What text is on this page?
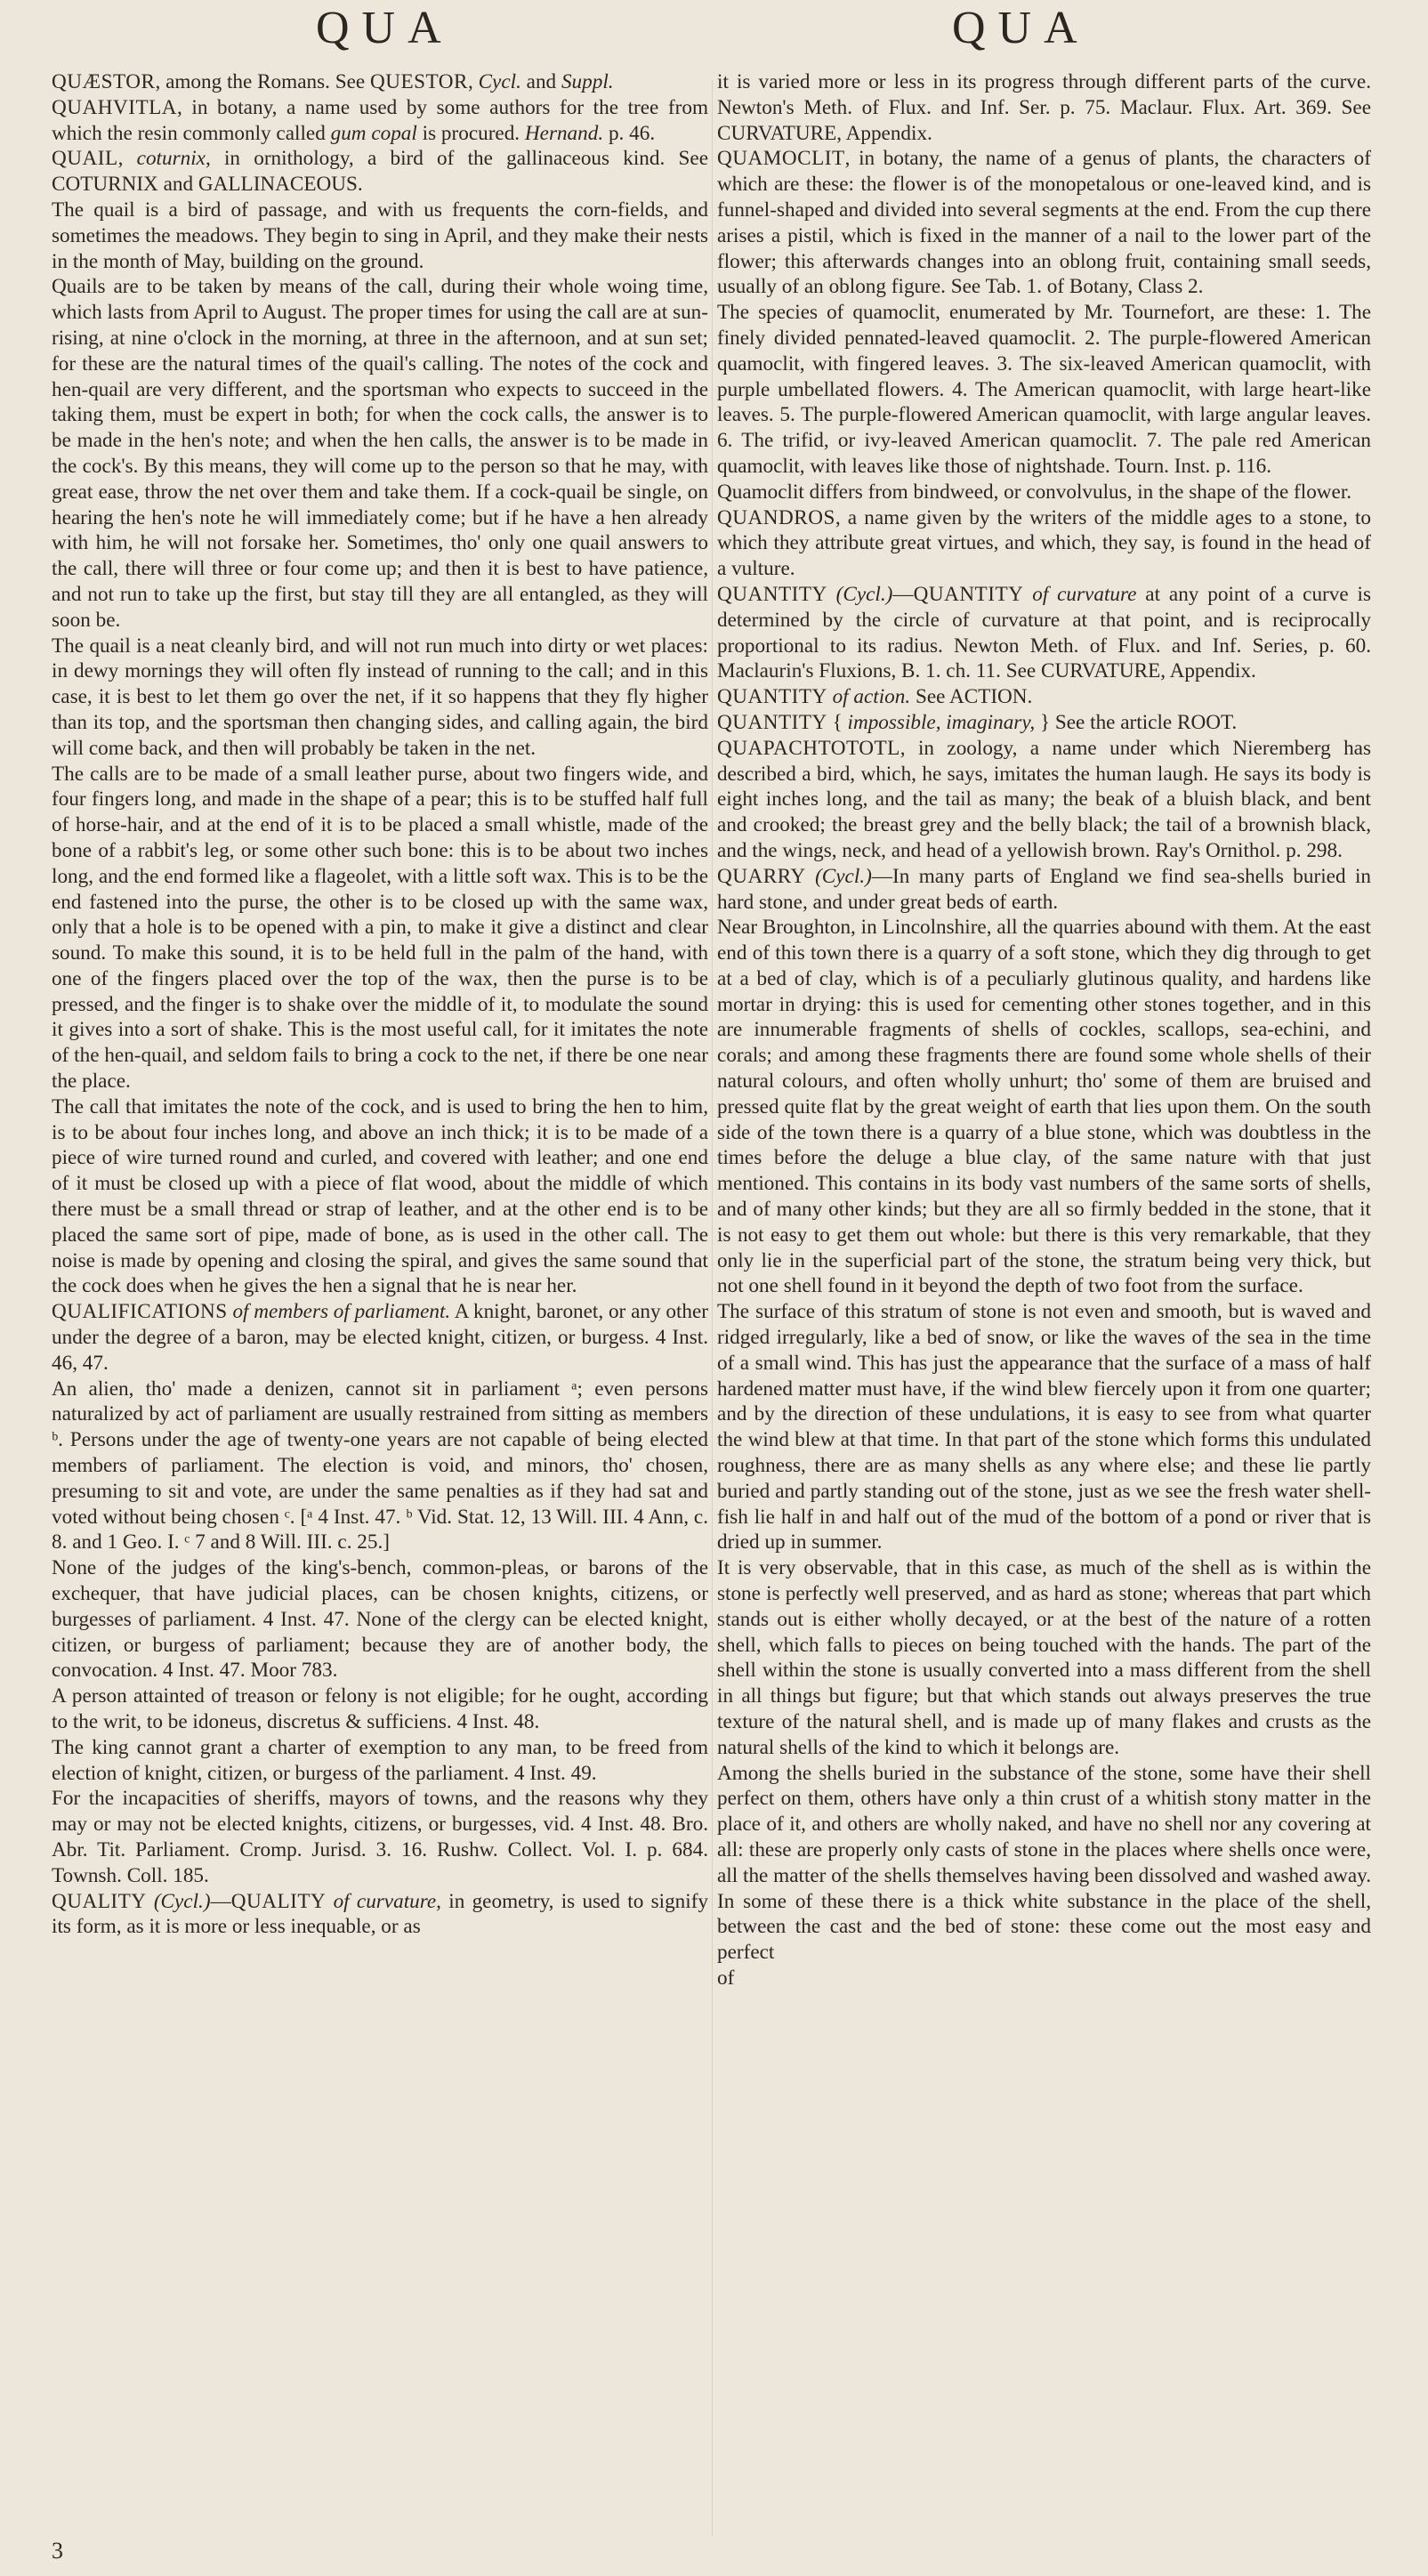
QUA	QUA

QUÆSTOR, among the Romans. See QUESTOR, Cycl. and Suppl.

QUAHVITLA, in botany, a name used by some authors for the tree from which the resin commonly called gum copal is procured. Hernand. p. 46.

QUAIL, coturnix, in ornithology, a bird of the gallinaceous kind. See COTURNIX and GALLINACEOUS.

The quail is a bird of passage, and with us frequents the corn-fields, and sometimes the meadows. They begin to sing in April, and they make their nests in the month of May, building on the ground.

Quails are to be taken by means of the call, during their whole woing time, which lasts from April to August. The proper times for using the call are at sun-rising, at nine o'clock in the morning, at three in the afternoon, and at sun set; for these are the natural times of the quail's calling. The notes of the cock and hen-quail are very different, and the sportsman who expects to succeed in the taking them, must be expert in both; for when the cock calls, the answer is to be made in the hen's note; and when the hen calls, the answer is to be made in the cock's. By this means, they will come up to the person so that he may, with great ease, throw the net over them and take them. If a cock-quail be single, on hearing the hen's note he will immediately come; but if he have a hen already with him, he will not forsake her. Sometimes, tho' only one quail answers to the call, there will three or four come up; and then it is best to have patience, and not run to take up the first, but stay till they are all entangled, as they will soon be.

The quail is a neat cleanly bird, and will not run much into dirty or wet places: in dewy mornings they will often fly instead of running to the call; and in this case, it is best to let them go over the net, if it so happens that they fly higher than its top, and the sportsman then changing sides, and calling again, the bird will come back, and then will probably be taken in the net.

The calls are to be made of a small leather purse, about two fingers wide, and four fingers long, and made in the shape of a pear; this is to be stuffed half full of horse-hair, and at the end of it is to be placed a small whistle, made of the bone of a rabbit's leg, or some other such bone: this is to be about two inches long, and the end formed like a flageolet, with a little soft wax. This is to be the end fastened into the purse, the other is to be closed up with the same wax, only that a hole is to be opened with a pin, to make it give a distinct and clear sound. To make this sound, it is to be held full in the palm of the hand, with one of the fingers placed over the top of the wax, then the purse is to be pressed, and the finger is to shake over the middle of it, to modulate the sound it gives into a sort of shake. This is the most useful call, for it imitates the note of the hen-quail, and seldom fails to bring a cock to the net, if there be one near the place.

The call that imitates the note of the cock, and is used to bring the hen to him, is to be about four inches long, and above an inch thick; it is to be made of a piece of wire turned round and curled, and covered with leather; and one end of it must be closed up with a piece of flat wood, about the middle of which there must be a small thread or strap of leather, and at the other end is to be placed the same sort of pipe, made of bone, as is used in the other call. The noise is made by opening and closing the spiral, and gives the same sound that the cock does when he gives the hen a signal that he is near her.

QUALIFICATIONS of members of parliament. A knight, baronet, or any other under the degree of a baron, may be elected knight, citizen, or burgess. 4 Inst. 46, 47.

An alien, tho' made a denizen, cannot sit in parliament ᵃ; even persons naturalized by act of parliament are usually restrained from sitting as members ᵇ. Persons under the age of twenty-one years are not capable of being elected members of parliament. The election is void, and minors, tho' chosen, presuming to sit and vote, are under the same penalties as if they had sat and voted without being chosen ᶜ. [ᵃ 4 Inst. 47. ᵇ Vid. Stat. 12, 13 Will. III. 4 Ann, c. 8. and 1 Geo. I. ᶜ 7 and 8 Will. III. c. 25.]

None of the judges of the king's-bench, common-pleas, or barons of the exchequer, that have judicial places, can be chosen knights, citizens, or burgesses of parliament. 4 Inst. 47. None of the clergy can be elected knight, citizen, or burgess of parliament; because they are of another body, the convocation. 4 Inst. 47. Moor 783.

A person attainted of treason or felony is not eligible; for he ought, according to the writ, to be idoneus, discretus & sufficiens. 4 Inst. 48.

The king cannot grant a charter of exemption to any man, to be freed from election of knight, citizen, or burgess of the parliament. 4 Inst. 49.

For the incapacities of sheriffs, mayors of towns, and the reasons why they may or may not be elected knights, citizens, or burgesses, vid. 4 Inst. 48. Bro. Abr. Tit. Parliament. Cromp. Jurisd. 3. 16. Rushw. Collect. Vol. I. p. 684. Townsh. Coll. 185.

QUALITY (Cycl.)—QUALITY of curvature, in geometry, is used to signify its form, as it is more or less inequable, or as

it is varied more or less in its progress through different parts of the curve. Newton's Meth. of Flux. and Inf. Ser. p. 75. Maclaur. Flux. Art. 369. See CURVATURE, Appendix.

QUAMOCLIT, in botany, the name of a genus of plants, the characters of which are these: the flower is of the monopetalous or one-leaved kind, and is funnel-shaped and divided into several segments at the end. From the cup there arises a pistil, which is fixed in the manner of a nail to the lower part of the flower; this afterwards changes into an oblong fruit, containing small seeds, usually of an oblong figure. See Tab. 1. of Botany, Class 2.

The species of quamoclit, enumerated by Mr. Tournefort, are these: 1. The finely divided pennated-leaved quamoclit. 2. The purple-flowered American quamoclit, with fingered leaves. 3. The six-leaved American quamoclit, with purple umbellated flowers. 4. The American quamoclit, with large heart-like leaves. 5. The purple-flowered American quamoclit, with large angular leaves. 6. The trifid, or ivy-leaved American quamoclit. 7. The pale red American quamoclit, with leaves like those of nightshade. Tourn. Inst. p. 116.

Quamoclit differs from bindweed, or convolvulus, in the shape of the flower.

QUANDROS, a name given by the writers of the middle ages to a stone, to which they attribute great virtues, and which, they say, is found in the head of a vulture.

QUANTITY (Cycl.)—QUANTITY of curvature at any point of a curve is determined by the circle of curvature at that point, and is reciprocally proportional to its radius. Newton Meth. of Flux. and Inf. Series, p. 60. Maclaurin's Fluxions, B. 1. ch. 11. See CURVATURE, Appendix.

QUANTITY of action. See ACTION.

QUANTITY { impossible, imaginary, } See the article ROOT.

QUAPACHTOTOTL, in zoology, a name under which Nieremberg has described a bird, which, he says, imitates the human laugh. He says its body is eight inches long, and the tail as many; the beak of a bluish black, and bent and crooked; the breast grey and the belly black; the tail of a brownish black, and the wings, neck, and head of a yellowish brown. Ray's Ornithol. p. 298.

QUARRY (Cycl.)—In many parts of England we find sea-shells buried in hard stone, and under great beds of earth.

Near Broughton, in Lincolnshire, all the quarries abound with them. At the east end of this town there is a quarry of a soft stone, which they dig through to get at a bed of clay, which is of a peculiarly glutinous quality, and hardens like mortar in drying: this is used for cementing other stones together, and in this are innumerable fragments of shells of cockles, scallops, sea-echini, and corals; and among these fragments there are found some whole shells of their natural colours, and often wholly unhurt; tho' some of them are bruised and pressed quite flat by the great weight of earth that lies upon them. On the south side of the town there is a quarry of a blue stone, which was doubtless in the times before the deluge a blue clay, of the same nature with that just mentioned. This contains in its body vast numbers of the same sorts of shells, and of many other kinds; but they are all so firmly bedded in the stone, that it is not easy to get them out whole: but there is this very remarkable, that they only lie in the superficial part of the stone, the stratum being very thick, but not one shell found in it beyond the depth of two foot from the surface.

The surface of this stratum of stone is not even and smooth, but is waved and ridged irregularly, like a bed of snow, or like the waves of the sea in the time of a small wind. This has just the appearance that the surface of a mass of half hardened matter must have, if the wind blew fiercely upon it from one quarter; and by the direction of these undulations, it is easy to see from what quarter the wind blew at that time. In that part of the stone which forms this undulated roughness, there are as many shells as any where else; and these lie partly buried and partly standing out of the stone, just as we see the fresh water shell-fish lie half in and half out of the mud of the bottom of a pond or river that is dried up in summer.

It is very observable, that in this case, as much of the shell as is within the stone is perfectly well preserved, and as hard as stone; whereas that part which stands out is either wholly decayed, or at the best of the nature of a rotten shell, which falls to pieces on being touched with the hands. The part of the shell within the stone is usually converted into a mass different from the shell in all things but figure; but that which stands out always preserves the true texture of the natural shell, and is made up of many flakes and crusts as the natural shells of the kind to which it belongs are.

Among the shells buried in the substance of the stone, some have their shell perfect on them, others have only a thin crust of a whitish stony matter in the place of it, and others are wholly naked, and have no shell nor any covering at all: these are properly only casts of stone in the places where shells once were, all the matter of the shells themselves having been dissolved and washed away. In some of these there is a thick white substance in the place of the shell, between the cast and the bed of stone: these come out the most easy and perfect

of

3
